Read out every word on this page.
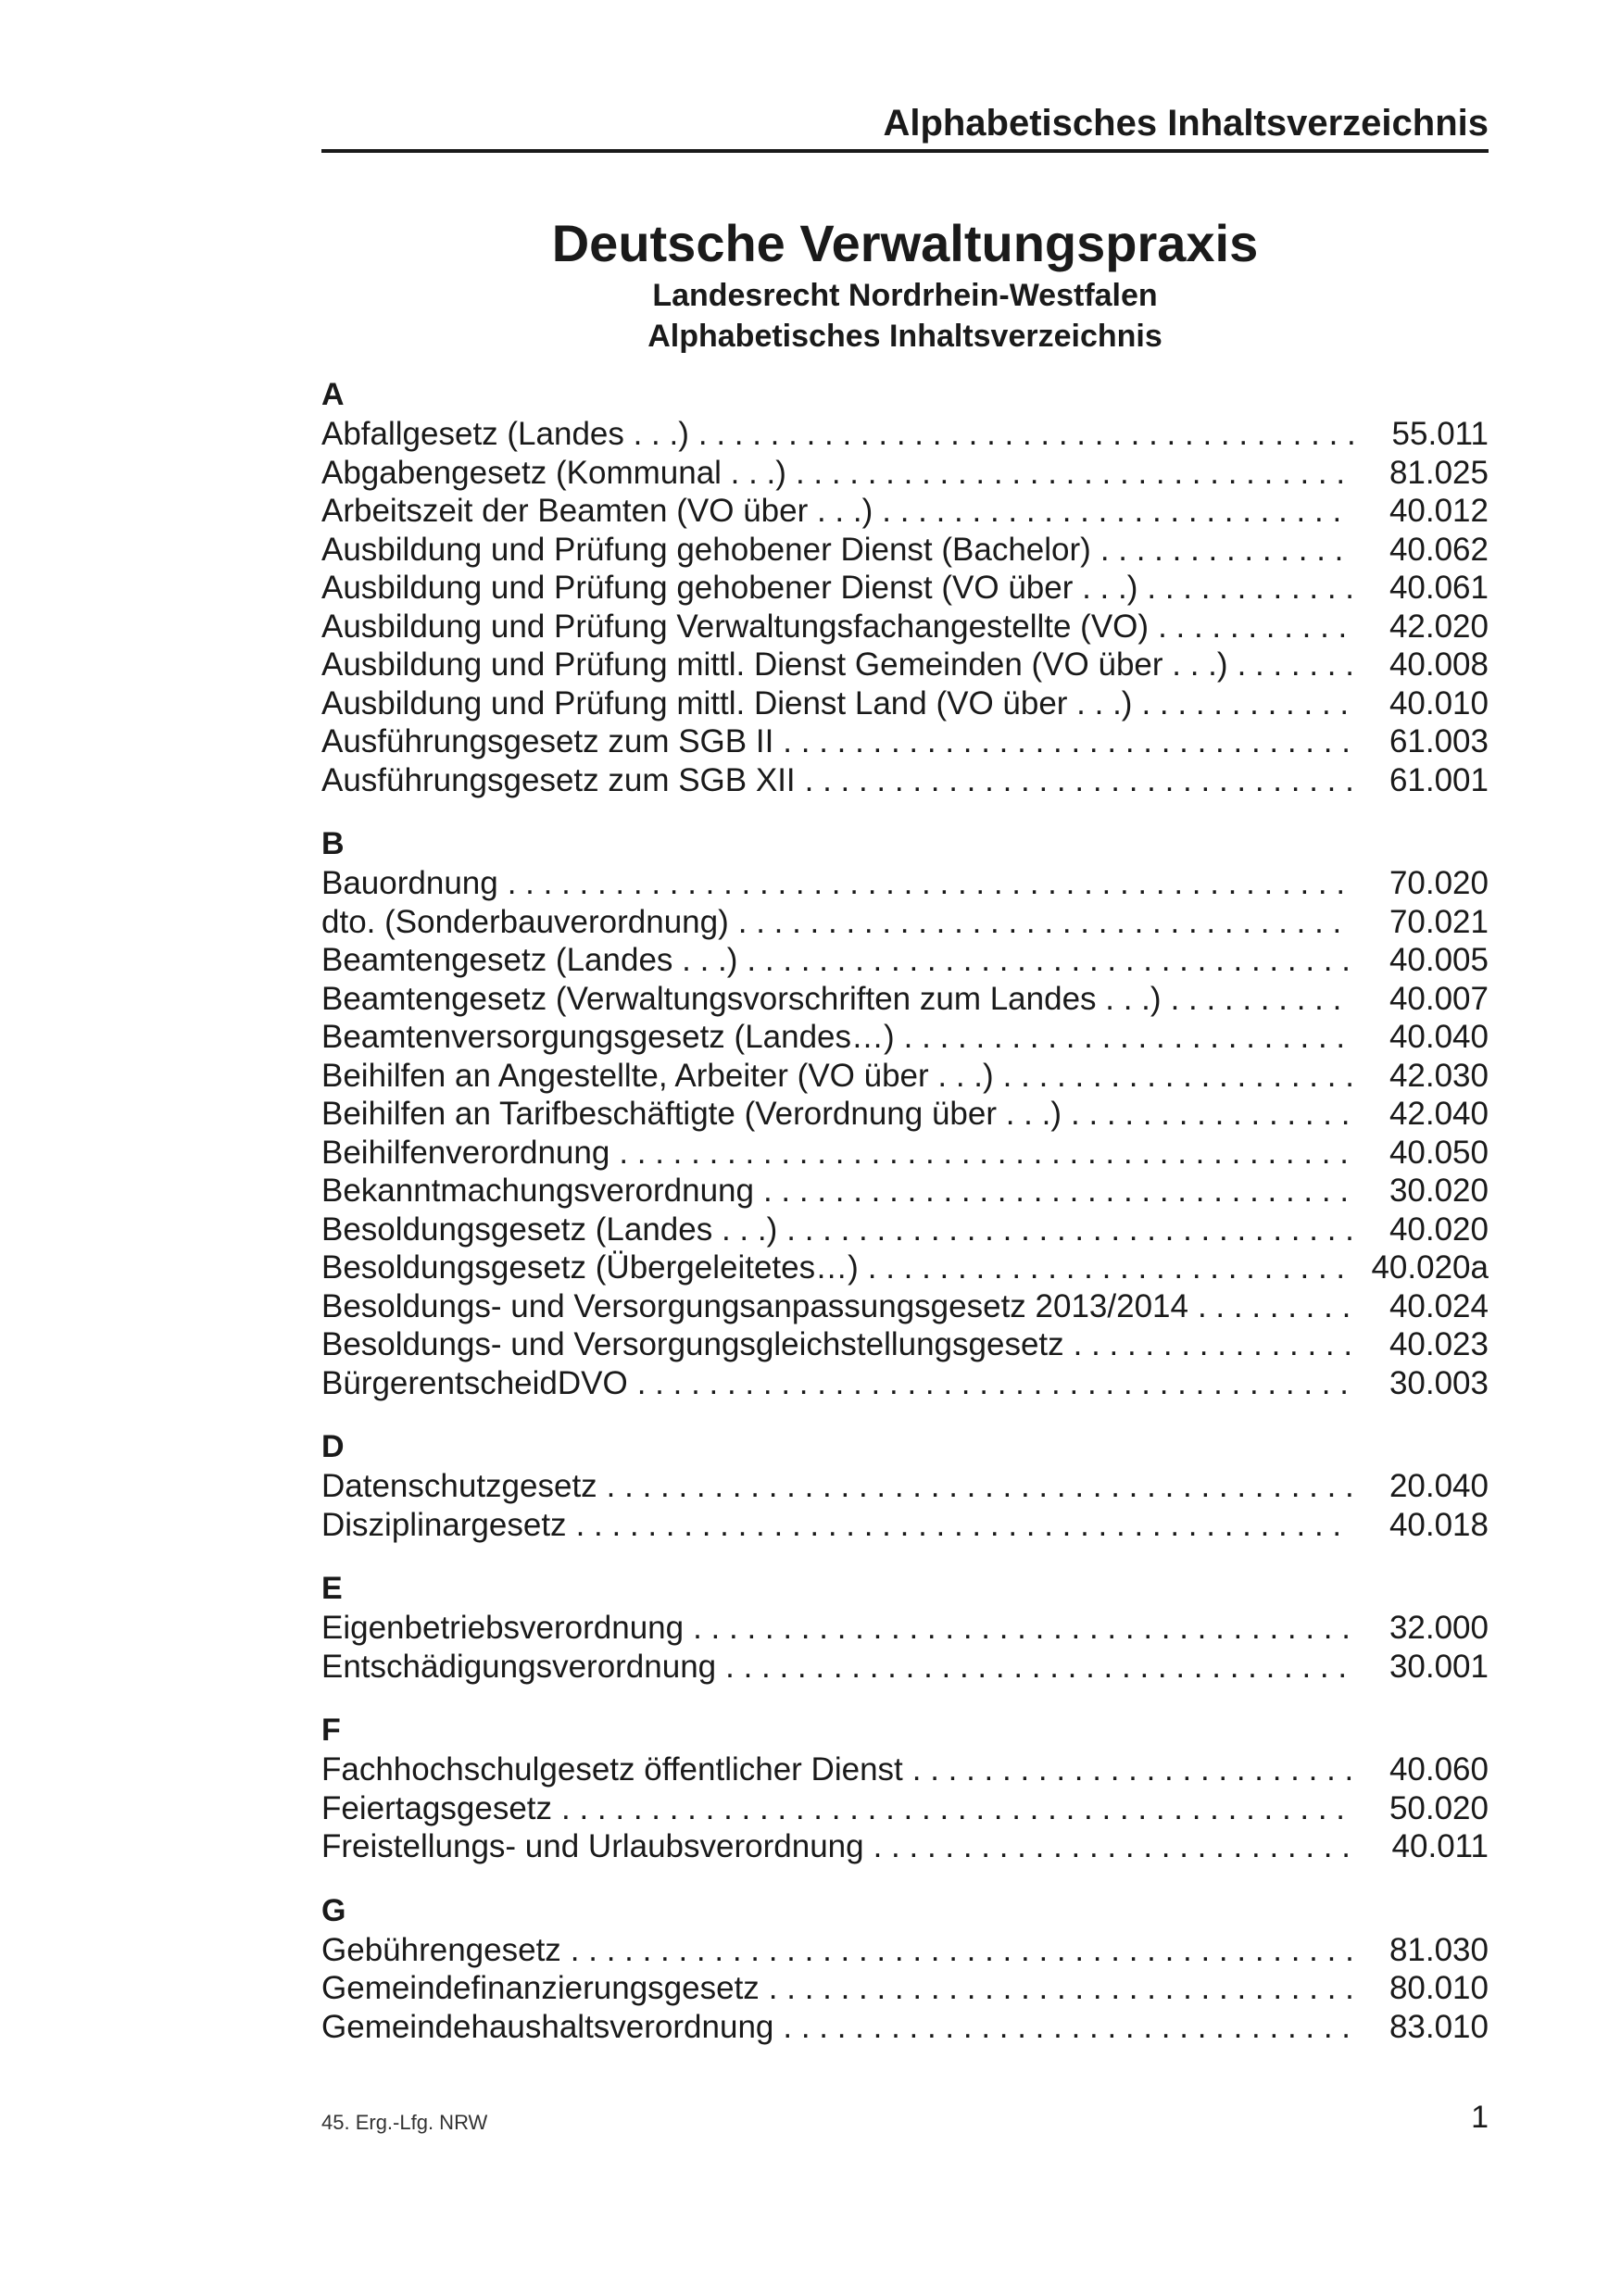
Alphabetisches Inhaltsverzeichnis
Deutsche Verwaltungspraxis
Landesrecht Nordrhein-Westfalen
Alphabetisches Inhaltsverzeichnis
A
Abfallgesetz (Landes . . .) . . .	55.011
Abgabengesetz (Kommunal . . .) . . .	81.025
Arbeitszeit der Beamten (VO über . . .) . . .	40.012
Ausbildung und Prüfung gehobener Dienst (Bachelor) . . .	40.062
Ausbildung und Prüfung gehobener Dienst (VO über . . .) . . .	40.061
Ausbildung und Prüfung Verwaltungsfachangestellte (VO) . . .	42.020
Ausbildung und Prüfung mittl. Dienst Gemeinden (VO über . . .) . . .	40.008
Ausbildung und Prüfung mittl. Dienst Land (VO über . . .) . . .	40.010
Ausführungsgesetz zum SGB II . . .	61.003
Ausführungsgesetz zum SGB XII . . .	61.001
B
Bauordnung . . .	70.020
dto. (Sonderbauverordnung) . . .	70.021
Beamtengesetz (Landes . . .) . . .	40.005
Beamtengesetz (Verwaltungsvorschriften zum Landes . . .) . . .	40.007
Beamtenversorgungsgesetz (Landes…) . . .	40.040
Beihilfen an Angestellte, Arbeiter (VO über . . .) . . .	42.030
Beihilfen an Tarifbeschäftigte (Verordnung über . . .) . . .	42.040
Beihilfenverordnung . . .	40.050
Bekanntmachungsverordnung . . .	30.020
Besoldungsgesetz (Landes . . .) . . .	40.020
Besoldungsgesetz (Übergeleitetes…) . . .	40.020a
Besoldungs- und Versorgungsanpassungsgesetz 2013/2014 . . .	40.024
Besoldungs- und Versorgungsgleichstellungsgesetz . . .	40.023
BürgerentscheidDVO . . .	30.003
D
Datenschutzgesetz . . .	20.040
Disziplinargesetz . . .	40.018
E
Eigenbetriebsverordnung . . .	32.000
Entschädigungsverordnung . . .	30.001
F
Fachhochschulgesetz öffentlicher Dienst . . .	40.060
Feiertagsgesetz . . .	50.020
Freistellungs- und Urlaubsverordnung . . .	40.011
G
Gebührengesetz . . .	81.030
Gemeindefinanzierungsgesetz . . .	80.010
Gemeindehaushaltsverordnung . . .	83.010
45. Erg.-Lfg. NRW	1
